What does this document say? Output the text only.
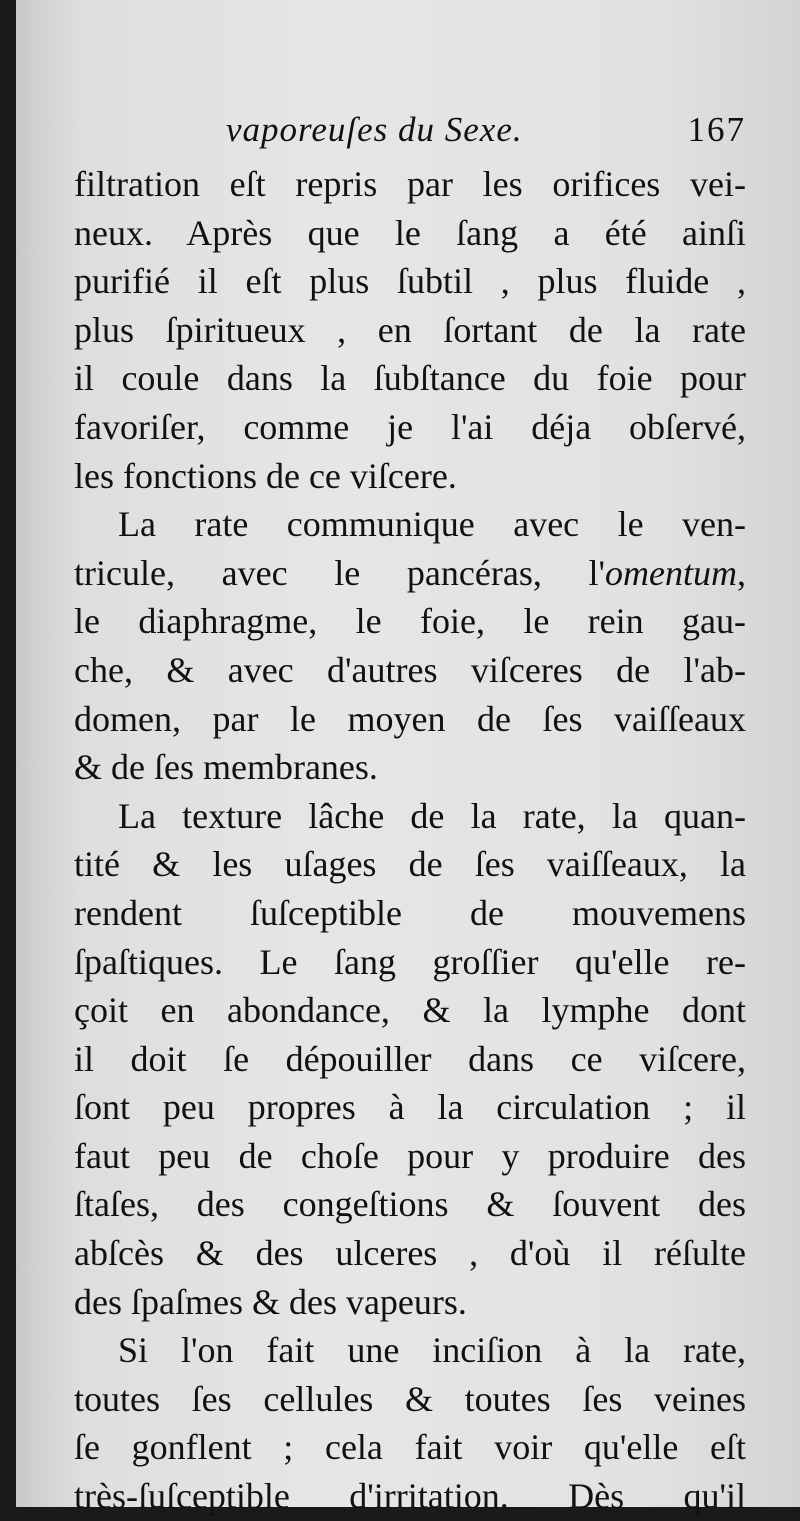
vaporeuſes du Sexe.	167
filtration eſt repris par les orifices vei-
neux. Après que le ſang a été ainſi
purifié il eſt plus ſubtil , plus fluide ,
plus ſpiritueux , en ſortant de la rate
il coule dans la ſubſtance du foie pour
favoriſer, comme je l'ai déja obſervé,
les fonctions de ce viſcere.
La rate communique avec le ven-
tricule, avec le pancéras, l'omentum,
le diaphragme, le foie, le rein gau-
che, & avec d'autres viſceres de l'ab-
domen, par le moyen de ſes vaiſſeaux
& de ſes membranes.
La texture lâche de la rate, la quan-
tité & les uſages de ſes vaiſſeaux, la
rendent ſuſceptible de mouvemens
ſpaſtiques. Le ſang groſſier qu'elle re-
çoit en abondance, & la lymphe dont
il doit ſe dépouiller dans ce viſcere,
ſont peu propres à la circulation ; il
faut peu de choſe pour y produire des
ſtaſes, des congeſtions & ſouvent des
abſcès & des ulceres , d'où il réſulte
des ſpaſmes & des vapeurs.
Si l'on fait une inciſion à la rate,
toutes ſes cellules & toutes ſes veines
ſe gonflent ; cela fait voir qu'elle eſt
très-ſuſceptible d'irritation. Dès qu'il
